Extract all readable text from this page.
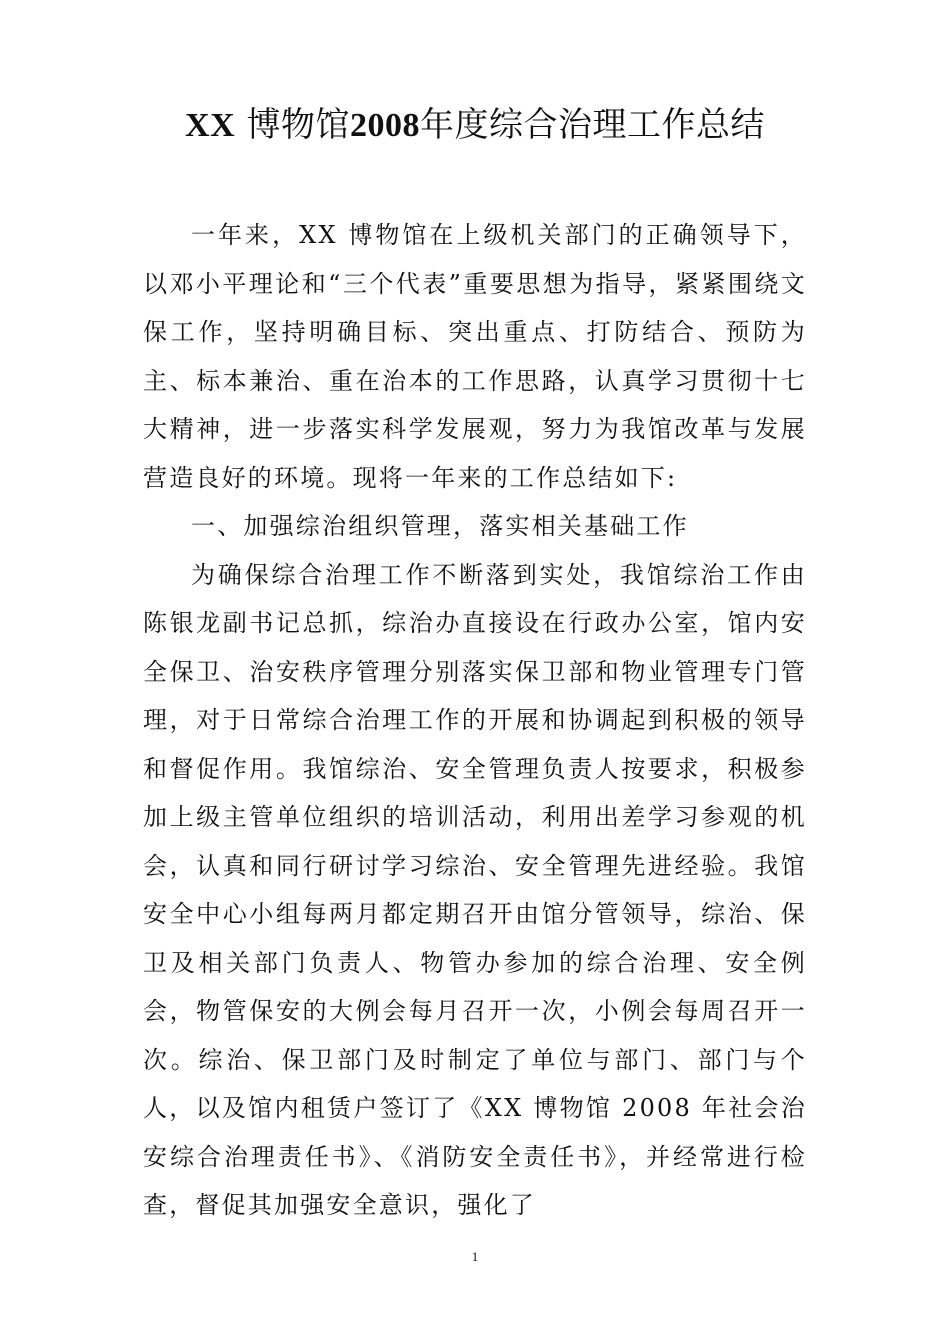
XX 博物馆2008年度综合治理工作总结

一年来，XX 博物馆在上级机关部门的正确领导下，以邓小平理论和“三个代表”重要思想为指导，紧紧围绕文保工作，坚持明确目标、突出重点、打防结合、预防为主、标本兼治、重在治本的工作思路，认真学习贯彻十七大精神，进一步落实科学发展观，努力为我馆改革与发展营造良好的环境。现将一年来的工作总结如下:

一、加强综治组织管理，落实相关基础工作

为确保综合治理工作不断落到实处，我馆综治工作由陈银龙副书记总抓，综治办直接设在行政办公室，馆内安全保卫、治安秩序管理分别落实保卫部和物业管理专门管理，对于日常综合治理工作的开展和协调起到积极的领导和督促作用。我馆综治、安全管理负责人按要求，积极参加上级主管单位组织的培训活动，利用出差学习参观的机会，认真和同行研讨学习综治、安全管理先进经验。我馆安全中心小组每两月都定期召开由馆分管领导，综治、保卫及相关部门负责人、物管办参加的综合治理、安全例会，物管保安的大例会每月召开一次，小例会每周召开一次。综治、保卫部门及时制定了单位与部门、部门与个人，以及馆内租赁户签订了《XX 博物馆 2008 年社会治安综合治理责任书》、《消防安全责任书》，并经常进行检查，督促其加强安全意识，强化了

1
